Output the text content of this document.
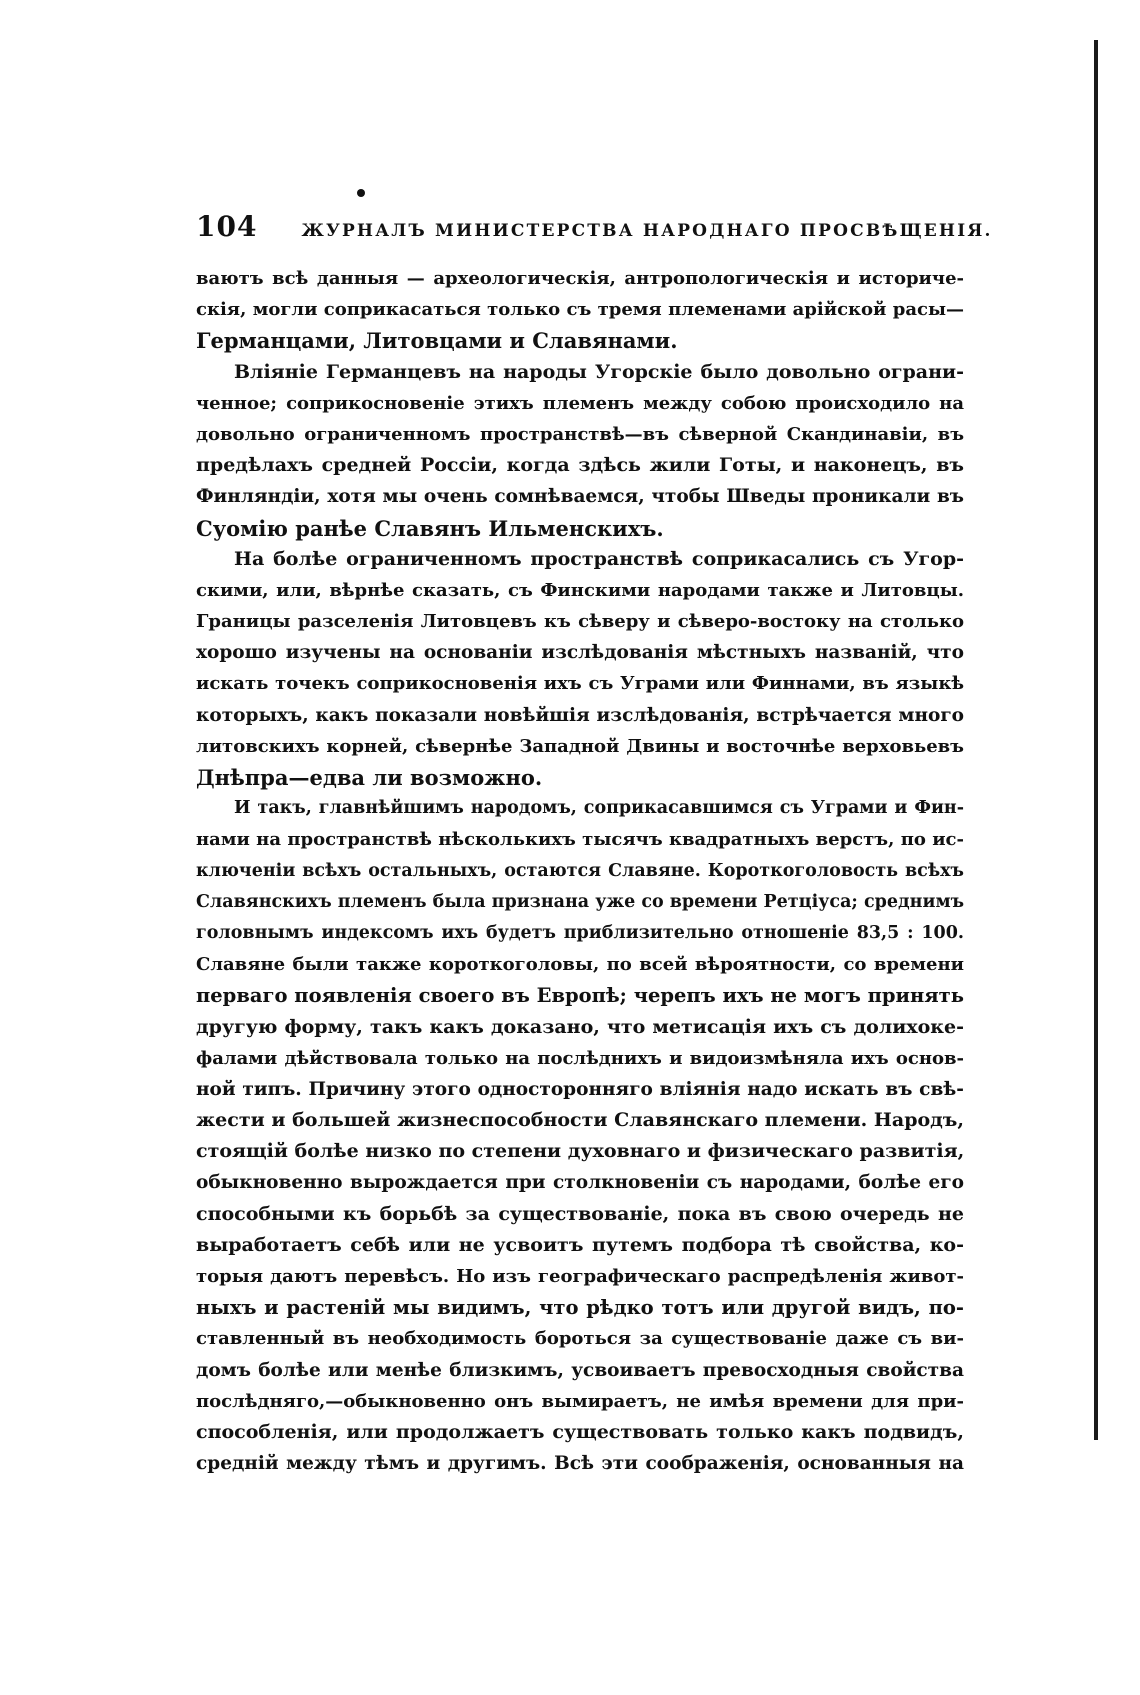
104	ЖУРНАЛЪ МИНИСТЕРСТВА НАРОДНАГО ПРОСВѢЩЕНІЯ.
ваютъ всѣ данныя — археологическія, антропологическія и историче-
скія, могли соприкасаться только съ тремя племенами арійской расы—
Германцами, Литовцами и Славянами.
Вліяніе Германцевъ на народы Угорскіе было довольно ограни-
ченное; соприкосновеніе этихъ племенъ между собою происходило на
довольно ограниченномъ пространствѣ—въ сѣверной Скандинавіи, въ
предѣлахъ средней Россіи, когда здѣсь жили Готы, и наконецъ, въ
Финляндіи, хотя мы очень сомнѣваемся, чтобы Шведы проникали въ
Суомію ранѣе Славянъ Ильменскихъ.
На болѣе ограниченномъ пространствѣ соприкасались съ Угор-
скими, или, вѣрнѣе сказать, съ Финскими народами также и Литовцы.
Границы разселенія Литовцевъ къ сѣверу и сѣверо-востоку на столько
хорошо изучены на основаніи изслѣдованія мѣстныхъ названій, что
искать точекъ соприкосновенія ихъ съ Уграми или Финнами, въ языкѣ
которыхъ, какъ показали новѣйшія изслѣдованія, встрѣчается много
литовскихъ корней, сѣвернѣе Западной Двины и восточнѣе верховьевъ
Днѣпра—едва ли возможно.
И такъ, главнѣйшимъ народомъ, соприкасавшимся съ Уграми и Фин-
нами на пространствѣ нѣсколькихъ тысячъ квадратныхъ верстъ, по ис-
ключеніи всѣхъ остальныхъ, остаются Славяне. Короткоголовость всѣхъ
Славянскихъ племенъ была признана уже со времени Ретціуса; среднимъ
головнымъ индексомъ ихъ будетъ приблизительно отношеніе 83,5 : 100.
Славяне были также короткоголовы, по всей вѣроятности, со времени
перваго появленія своего въ Европѣ; черепъ ихъ не могъ принять
другую форму, такъ какъ доказано, что метисація ихъ съ долихоке-
фалами дѣйствовала только на послѣднихъ и видоизмѣняла ихъ основ-
ной типъ. Причину этого односторонняго вліянія надо искать въ свѣ-
жести и большей жизнеспособности Славянскаго племени. Народъ,
стоящій болѣе низко по степени духовнаго и физическаго развитія,
обыкновенно вырождается при столкновеніи съ народами, болѣе его
способными къ борьбѣ за существованіе, пока въ свою очередь не
выработаетъ себѣ или не усвоитъ путемъ подбора тѣ свойства, ко-
торыя даютъ перевѣсъ. Но изъ географическаго распредѣленія живот-
ныхъ и растеній мы видимъ, что рѣдко тотъ или другой видъ, по-
ставленный въ необходимость бороться за существованіе даже съ ви-
домъ болѣе или менѣе близкимъ, усвоиваетъ превосходныя свойства
послѣдняго,—обыкновенно онъ вымираетъ, не имѣя времени для при-
способленія, или продолжаетъ существовать только какъ подвидъ,
средній между тѣмъ и другимъ. Всѣ эти соображенія, основанныя на
